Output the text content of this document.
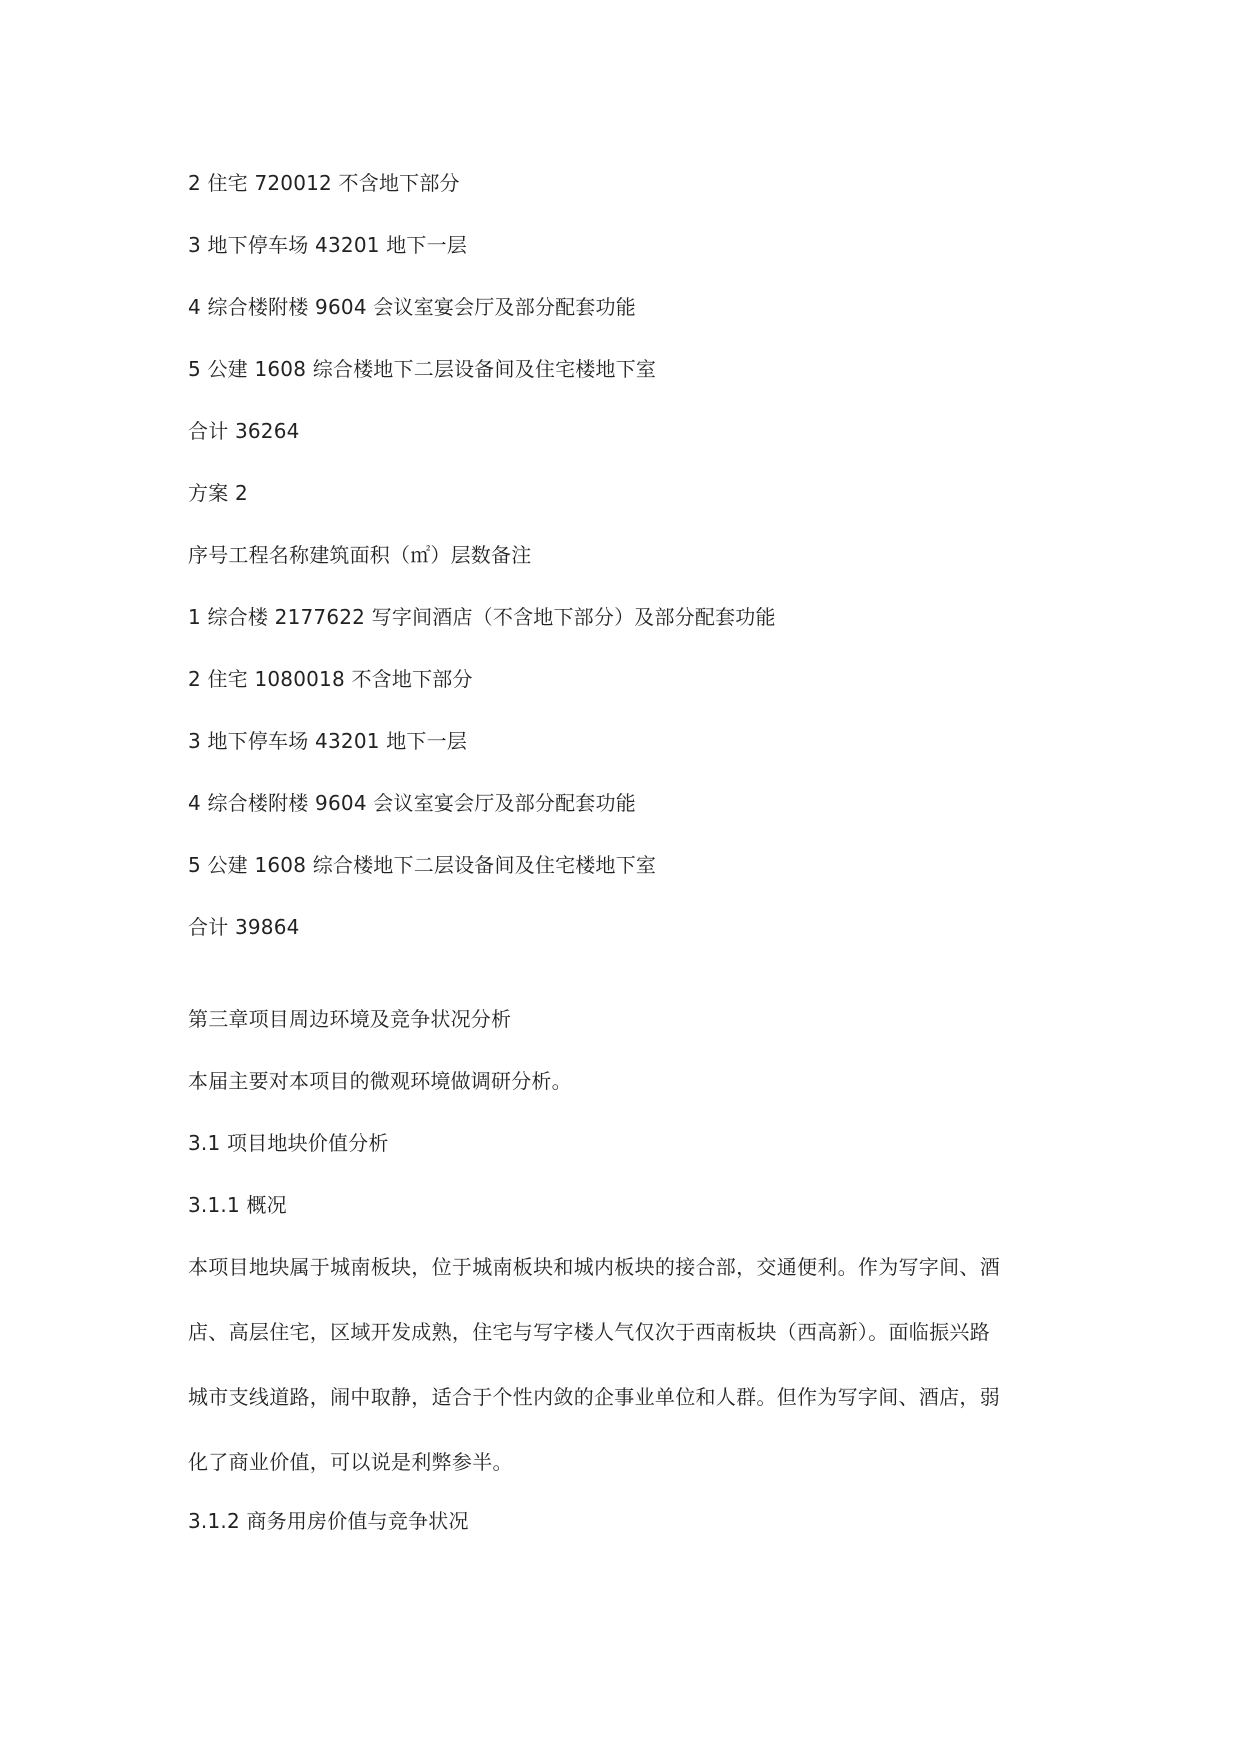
2 住宅 720012 不含地下部分
3 地下停车场 43201 地下一层
4 综合楼附楼 9604 会议室宴会厅及部分配套功能
5 公建 1608 综合楼地下二层设备间及住宅楼地下室
合计 36264
方案 2
序号工程名称建筑面积（㎡）层数备注
1 综合楼 2177622 写字间酒店（不含地下部分）及部分配套功能
2 住宅 1080018 不含地下部分
3 地下停车场 43201 地下一层
4 综合楼附楼 9604 会议室宴会厅及部分配套功能
5 公建 1608 综合楼地下二层设备间及住宅楼地下室
合计 39864
第三章项目周边环境及竞争状况分析
本届主要对本项目的微观环境做调研分析。
3.1 项目地块价值分析
3.1.1 概况
本项目地块属于城南板块，位于城南板块和城内板块的接合部，交通便利。作为写字间、酒
店、高层住宅，区域开发成熟，住宅与写字楼人气仅次于西南板块（西高新）。面临振兴路
城市支线道路，闹中取静，适合于个性内敛的企事业单位和人群。但作为写字间、酒店，弱
化了商业价值，可以说是利弊参半。
3.1.2 商务用房价值与竞争状况
